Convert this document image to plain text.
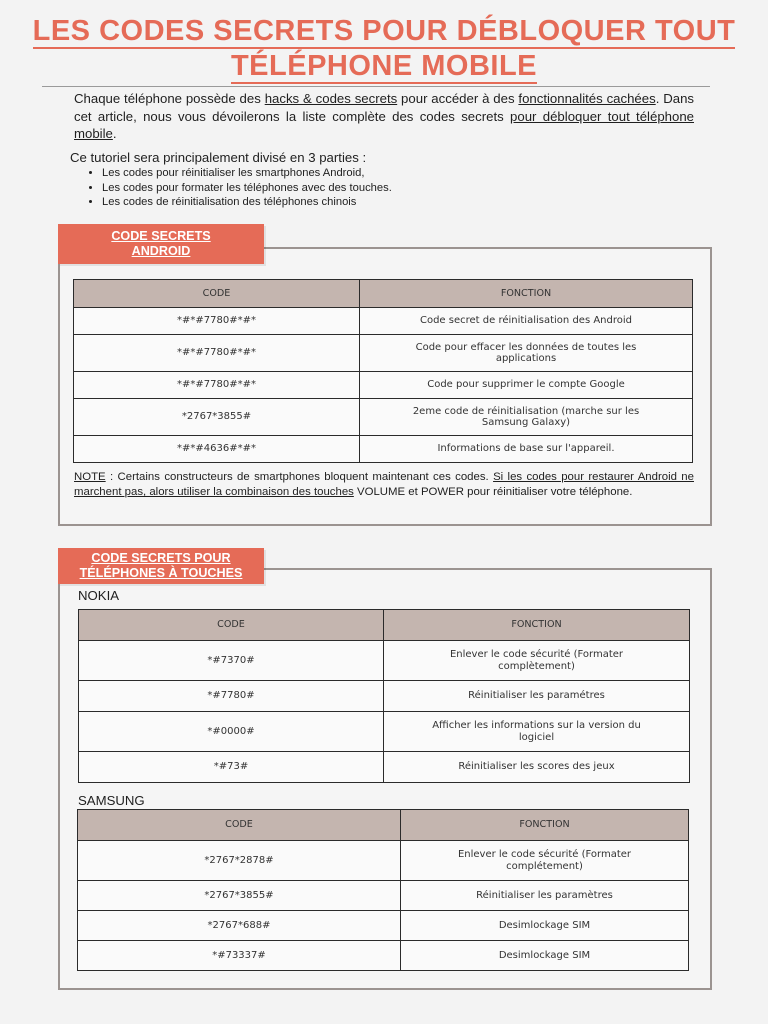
LES CODES SECRETS POUR DÉBLOQUER TOUT
TÉLÉPHONE MOBILE
Chaque téléphone possède des hacks & codes secrets pour accéder à des fonctionnalités cachées. Dans cet article, nous vous dévoilerons la liste complète des codes secrets pour débloquer tout téléphone mobile.
Ce tutoriel sera principalement divisé en 3 parties :
• Les codes pour réinitialiser les smartphones Android,
• Les codes pour formater les téléphones avec des touches.
• Les codes de réinitialisation des téléphones chinois
CODE SECRETS ANDROID
CODE	FONCTION
*#*#7780#*#*	Code secret de réinitialisation des Android
*#*#7780#*#*	Code pour effacer les données de toutes les applications
*#*#7780#*#*	Code pour supprimer le compte Google
*2767*3855#	2eme code de réinitialisation (marche sur les Samsung Galaxy)
*#*#4636#*#*	Informations de base sur l'appareil.
NOTE : Certains constructeurs de smartphones bloquent maintenant ces codes. Si les codes pour restaurer Android ne marchent pas, alors utiliser la combinaison des touches VOLUME et POWER pour réinitialiser votre téléphone.
CODE SECRETS POUR TÉLÉPHONES À TOUCHES
NOKIA
CODE	FONCTION
*#7370#	Enlever le code sécurité (Formater complètement)
*#7780#	Réinitialiser les paramétres
*#0000#	Afficher les informations sur la version du logiciel
*#73#	Réinitialiser les scores des jeux
SAMSUNG
CODE	FONCTION
*2767*2878#	Enlever le code sécurité (Formater complétement)
*2767*3855#	Réinitialiser les paramètres
*2767*688#	Desimlockage SIM
*#73337#	Desimlockage SIM
